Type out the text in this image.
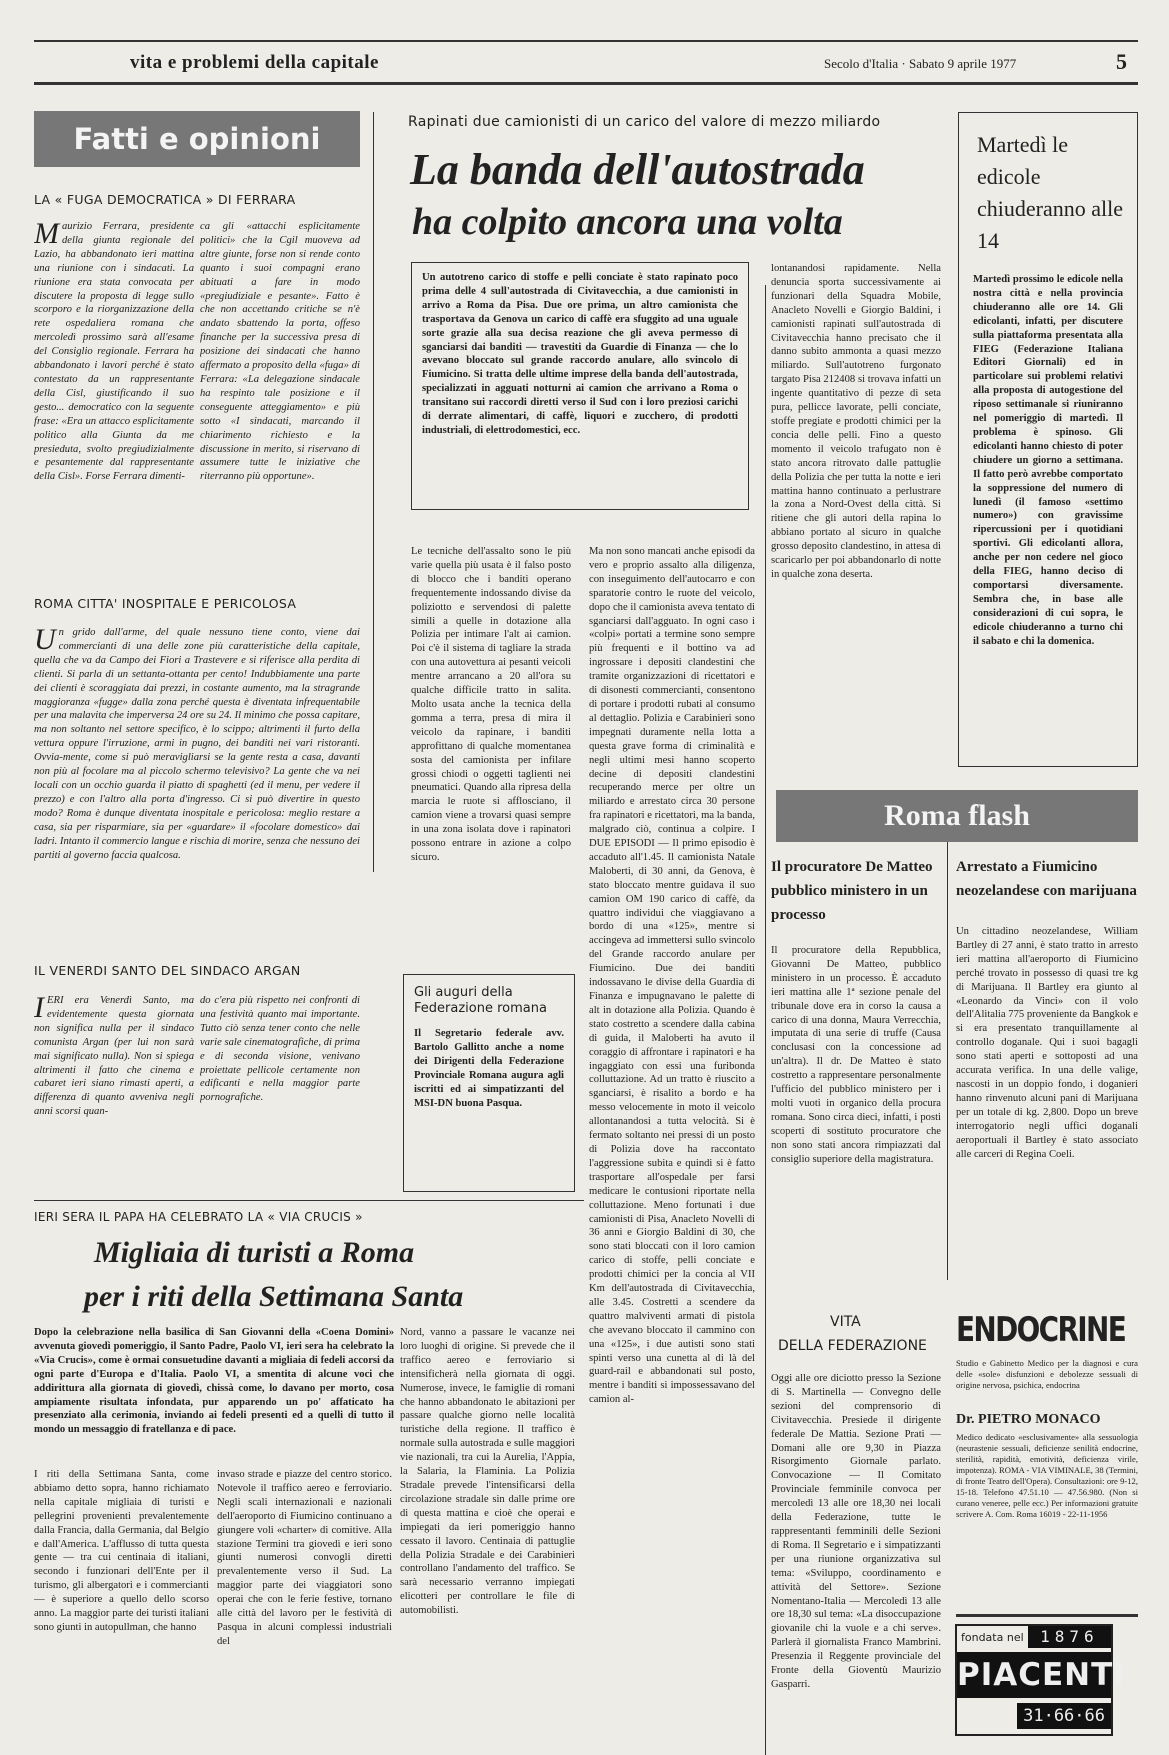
vita e problemi della capitale	Secolo d'Italia · Sabato 9 aprile 1977	5
Fatti e opinioni
LA « FUGA DEMOCRATICA » DI FERRARA
Maurizio Ferrara, presidente della giunta regionale del Lazio, ha abbandonato ieri mattina una riunione con i sindacati. La riunione era stata convocata per discutere la proposta di legge sullo scorporo e la riorganizzazione della rete ospedaliera romana che mercoledì prossimo sarà all'esame del Consiglio regionale. Ferrara ha abbandonato i lavori perché è stato contestato da un rappresentante della Cisl, giustificando il suo gesto... democratico con la seguente frase: «Era un attacco esplicitamente politico alla Giunta da me presieduta, svolto pregiudizialmente e pesantemente dal rappresentante della Cisl». Forse Ferrara dimenti-
ca gli «attacchi esplicitamente politici» che la Cgil muoveva ad altre giunte, forse non si rende conto quanto i suoi compagni erano abituati a fare in modo «pregiudiziale e pesante». Fatto è che non accettando critiche se n'è andato sbattendo la porta, offeso finanche per la successiva presa di posizione dei sindacati che hanno affermato a proposito della «fuga» di Ferrara: «La delegazione sindacale ha respinto tale posizione e il conseguente atteggiamento» e più sotto «I sindacati, marcando il chiarimento richiesto e la discussione in merito, si riservano di assumere tutte le iniziative che riterranno più opportune».
ROMA CITTA' INOSPITALE E PERICOLOSA
Un grido dall'arme, del quale nessuno tiene conto, viene dai commercianti di una delle zone più caratteristiche della capitale, quella che va da Campo dei Fiori a Trastevere e si riferisce alla perdita di clienti. Si parla di un settanta-ottanta per cento! Indubbiamente una parte dei clienti è scoraggiata dai prezzi, in costante aumento, ma la stragrande maggioranza «fugge» dalla zona perché questa è diventata infrequentabile per una malavita che imperversa 24 ore su 24. Il minimo che possa capitare, ma non soltanto nel settore specifico, è lo scippo; altrimenti il furto della vettura oppure l'irruzione, armi in pugno, dei banditi nei vari ristoranti. Ovvia-mente, come si può meravigliarsi se la gente resta a casa, davanti non più al focolare ma al piccolo schermo televisivo? La gente che va nei locali con un occhio guarda il piatto di spaghetti (ed il menu, per vedere il prezzo) e con l'altro alla porta d'ingresso. Ci si può divertire in questo modo? Roma è dunque diventata inospitale e pericolosa: meglio restare a casa, sia per risparmiare, sia per «guardare» il «focolare domestico» dai ladri. Intanto il commercio langue e rischia di morire, senza che nessuno dei partiti al governo faccia qualcosa.
IL VENERDI SANTO DEL SINDACO ARGAN
IERI era Venerdì Santo, ma evidentemente questa giornata non significa nulla per il sindaco comunista Argan (per lui non sarà mai significato nulla). Non si spiega altrimenti il fatto che cinema e cabaret ieri siano rimasti aperti, a differenza di quanto avveniva negli anni scorsi quan-
do c'era più rispetto nei confronti di una festività quanto mai importante. Tutto ciò senza tener conto che nelle varie sale cinematografiche, di prima e di seconda visione, venivano proiettate pellicole certamente non edificanti e nella maggior parte pornografiche.
Rapinati due camionisti di un carico del valore di mezzo miliardo
La banda dell'autostrada
ha colpito ancora una volta
Un autotreno carico di stoffe e pelli conciate è stato rapinato poco prima delle 4 sull'autostrada di Civitavecchia, a due camionisti in arrivo a Roma da Pisa. Due ore prima, un altro camionista che trasportava da Genova un carico di caffè era sfuggito ad una uguale sorte grazie alla sua decisa reazione che gli aveva permesso di sganciarsi dai banditi — travestiti da Guardie di Finanza — che lo avevano bloccato sul grande raccordo anulare, allo svincolo di Fiumicino. Si tratta delle ultime imprese della banda dell'autostrada, specializzati in agguati notturni ai camion che arrivano a Roma o transitano sui raccordi diretti verso il Sud con i loro preziosi carichi di derrate alimentari, di caffè, liquori e zucchero, di prodotti industriali, di elettrodomestici, ecc.
Le tecniche dell'assalto sono le più varie quella più usata è il falso posto di blocco che i banditi operano frequentemente indossando divise da poliziotto e servendosi di palette simili a quelle in dotazione alla Polizia per intimare l'alt ai camion. Poi c'è il sistema di tagliare la strada con una autovettura ai pesanti veicoli mentre arrancano a 20 all'ora su qualche difficile tratto in salita. Molto usata anche la tecnica della gomma a terra, presa di mira il veicolo da rapinare, i banditi approfittano di qualche momentanea sosta del camionista per infilare grossi chiodi o oggetti taglienti nei pneumatici. Quando alla ripresa della marcia le ruote si afflosciano, il camion viene a trovarsi quasi sempre in una zona isolata dove i rapinatori possono entrare in azione a colpo sicuro.
Ma non sono mancati anche episodi da vero e proprio assalto alla diligenza, con inseguimento dell'autocarro e con sparatorie contro le ruote del veicolo, dopo che il camionista aveva tentato di sganciarsi dall'agguato. In ogni caso i «colpi» portati a termine sono sempre più frequenti e il bottino va ad ingrossare i depositi clandestini che tramite organizzazioni di ricettatori e di disonesti commercianti, consentono di portare i prodotti rubati al consumo al dettaglio. Polizia e Carabinieri sono impegnati duramente nella lotta a questa grave forma di criminalità e negli ultimi mesi hanno scoperto decine di depositi clandestini recuperando merce per oltre un miliardo e arrestato circa 30 persone fra rapinatori e ricettatori, ma la banda, malgrado ciò, continua a colpire. I DUE EPISODI — Il primo episodio è accaduto all'1.45. Il camionista Natale Maloberti, di 30 anni, da Genova, è stato bloccato mentre guidava il suo camion OM 190 carico di caffè, da quattro individui che viaggiavano a bordo di una «125», mentre si accingeva ad immettersi sullo svincolo del Grande raccordo anulare per Fiumicino. Due dei banditi indossavano le divise della Guardia di Finanza e impugnavano le palette di alt in dotazione alla Polizia. Quando è stato costretto a scendere dalla cabina di guida, il Maloberti ha avuto il coraggio di affrontare i rapinatori e ha ingaggiato con essi una furibonda colluttazione. Ad un tratto è riuscito a sganciarsi, è risalito a bordo e ha messo velocemente in moto il veicolo allontanandosi a tutta velocità. Si è fermato soltanto nei pressi di un posto di Polizia dove ha raccontato l'aggressione subita e quindi si è fatto trasportare all'ospedale per farsi medicare le contusioni riportate nella colluttazione. Meno fortunati i due camionisti di Pisa, Anacleto Novelli di 36 anni e Giorgio Baldini di 30, che sono stati bloccati con il loro camion carico di stoffe, pelli conciate e prodotti chimici per la concia al VII Km dell'autostrada di Civitavecchia, alle 3.45. Costretti a scendere da quattro malviventi armati di pistola che avevano bloccato il cammino con una «125», i due autisti sono stati spinti verso una cunetta al di là del guard-rail e abbandonati sul posto, mentre i banditi si impossessavano del camion al-
lontanandosi rapidamente. Nella denuncia sporta successivamente ai funzionari della Squadra Mobile, Anacleto Novelli e Giorgio Baldini, i camionisti rapinati sull'autostrada di Civitavecchia hanno precisato che il danno subito ammonta a quasi mezzo miliardo. Sull'autotreno furgonato targato Pisa 212408 si trovava infatti un ingente quantitativo di pezze di seta pura, pellicce lavorate, pelli conciate, stoffe pregiate e prodotti chimici per la concia delle pelli. Fino a questo momento il veicolo trafugato non è stato ancora ritrovato dalle pattuglie della Polizia che per tutta la notte e ieri mattina hanno continuato a perlustrare la zona a Nord-Ovest della città. Si ritiene che gli autori della rapina lo abbiano portato al sicuro in qualche grosso deposito clandestino, in attesa di scaricarlo per poi abbandonarlo di notte in qualche zona deserta.
Gli auguri della Federazione romana
Il Segretario federale avv. Bartolo Gallitto anche a nome dei Dirigenti della Federazione Provinciale Romana augura agli iscritti ed ai simpatizzanti del MSI-DN buona Pasqua.
IERI SERA IL PAPA HA CELEBRATO LA « VIA CRUCIS »
Migliaia di turisti a Roma
per i riti della Settimana Santa
Dopo la celebrazione nella basilica di San Giovanni della «Coena Domini» avvenuta giovedì pomeriggio, il Santo Padre, Paolo VI, ieri sera ha celebrato la «Via Crucis», come è ormai consuetudine davanti a migliaia di fedeli accorsi da ogni parte d'Europa e d'Italia. Paolo VI, a smentita di alcune voci che addirittura alla giornata di giovedì, chissà come, lo davano per morto, cosa ampiamente risultata infondata, pur apparendo un po' affaticato ha presenziato alla cerimonia, inviando ai fedeli presenti ed a quelli di tutto il mondo un messaggio di fratellanza e di pace.
I riti della Settimana Santa, come abbiamo detto sopra, hanno richiamato nella capitale migliaia di turisti e pellegrini provenienti prevalentemente dalla Francia, dalla Germania, dal Belgio e dall'America. L'afflusso di tutta questa gente — tra cui centinaia di italiani, secondo i funzionari dell'Ente per il turismo, gli albergatori e i commercianti — è superiore a quello dello scorso anno. La maggior parte dei turisti italiani sono giunti in autopullman, che hanno
invaso strade e piazze del centro storico. Notevole il traffico aereo e ferroviario. Negli scali internazionali e nazionali dell'aeroporto di Fiumicino continuano a giungere voli «charter» di comitive. Alla stazione Termini tra giovedì e ieri sono giunti numerosi convogli diretti prevalentemente verso il Sud. La maggior parte dei viaggiatori sono operai che con le ferie festive, tornano alle città del lavoro per le festività di Pasqua in alcuni complessi industriali del
Nord, vanno a passare le vacanze nei loro luoghi di origine. Si prevede che il traffico aereo e ferroviario si intensificherà nella giornata di oggi. Numerose, invece, le famiglie di romani che hanno abbandonato le abitazioni per passare qualche giorno nelle località turistiche della regione. Il traffico è normale sulla autostrada e sulle maggiori vie nazionali, tra cui la Aurelia, l'Appia, la Salaria, la Flaminia. La Polizia Stradale prevede l'intensificarsi della circolazione stradale sin dalle prime ore di questa mattina e cioè che operai e impiegati da ieri pomeriggio hanno cessato il lavoro. Centinaia di pattuglie della Polizia Stradale e dei Carabinieri controllano l'andamento del traffico. Se sarà necessario verranno impiegati elicotteri per controllare le file di automobilisti.
Martedì le edicole chiuderanno alle 14
Martedì prossimo le edicole nella nostra città e nella provincia chiuderanno alle ore 14. Gli edicolanti, infatti, per discutere sulla piattaforma presentata alla FIEG (Federazione Italiana Editori Giornali) ed in particolare sui problemi relativi alla proposta di autogestione del riposo settimanale si riuniranno nel pomeriggio di martedì. Il problema è spinoso. Gli edicolanti hanno chiesto di poter chiudere un giorno a settimana. Il fatto però avrebbe comportato la soppressione del numero di lunedì (il famoso «settimo numero») con gravissime ripercussioni per i quotidiani sportivi. Gli edicolanti allora, anche per non cedere nel gioco della FIEG, hanno deciso di comportarsi diversamente. Sembra che, in base alle considerazioni di cui sopra, le edicole chiuderanno a turno chi il sabato e chi la domenica.
Roma flash
Il procuratore De Matteo pubblico ministero in un processo
Il procuratore della Repubblica, Giovanni De Matteo, pubblico ministero in un processo. È accaduto ieri mattina alle 1ª sezione penale del tribunale dove era in corso la causa a carico di una donna, Maura Verrecchia, imputata di una serie di truffe (Causa conclusasi con la concessione ad un'altra). Il dr. De Matteo è stato costretto a rappresentare personalmente l'ufficio del pubblico ministero per i molti vuoti in organico della procura romana. Sono circa dieci, infatti, i posti scoperti di sostituto procuratore che non sono stati ancora rimpiazzati dal consiglio superiore della magistratura.
Arrestato a Fiumicino neozelandese con marijuana
Un cittadino neozelandese, William Bartley di 27 anni, è stato tratto in arresto ieri mattina all'aeroporto di Fiumicino perché trovato in possesso di quasi tre kg di Marijuana. Il Bartley era giunto al «Leonardo da Vinci» con il volo dell'Alitalia 775 proveniente da Bangkok e si era presentato tranquillamente al controllo doganale. Qui i suoi bagagli sono stati aperti e sottoposti ad una accurata verifica. In una delle valige, nascosti in un doppio fondo, i doganieri hanno rinvenuto alcuni pani di Marijuana per un totale di kg. 2,800. Dopo un breve interrogatorio negli uffici doganali aeroportuali il Bartley è stato associato alle carceri di Regina Coeli.
VITA
DELLA FEDERAZIONE
Oggi alle ore diciotto presso la Sezione di S. Martinella — Convegno delle sezioni del comprensorio di Civitavecchia. Presiede il dirigente federale De Mattia. Sezione Prati — Domani alle ore 9,30 in Piazza Risorgimento Giornale parlato. Convocazione — Il Comitato Provinciale femminile convoca per mercoledì 13 alle ore 18,30 nei locali della Federazione, tutte le rappresentanti femminili delle Sezioni di Roma. Il Segretario e i simpatizzanti per una riunione organizzativa sul tema: «Sviluppo, coordinamento e attività del Settore». Sezione Nomentano-Italia — Mercoledì 13 alle ore 18,30 sul tema: «La disoccupazione giovanile chi la vuole e a chi serve». Parlerà il giornalista Franco Mambrini. Presenzia il Reggente provinciale del Fronte della Gioventù Maurizio Gasparri.
ENDOCRINE
Studio e Gabinetto Medico per la diagnosi e cura delle «sole» disfunzioni e debolezze sessuali di origine nervosa, psichica, endocrina
Dr. PIETRO MONACO
Medico dedicato «esclusivamente» alla sessuologia (neurastenie sessuali, deficienze senilità endocrine, sterilità, rapidità, emotività, deficienza virile, impotenza). ROMA - VIA VIMINALE, 38 (Termini, di fronte Teatro dell'Opera). Consultazioni: ore 9-12, 15-18. Telefono 47.51.10 — 47.56.980. (Non si curano veneree, pelle ecc.) Per informazioni gratuite scrivere A. Com. Roma 16019 - 22-11-1956
fondata nel	1876
PIACENTI
31·66·66
